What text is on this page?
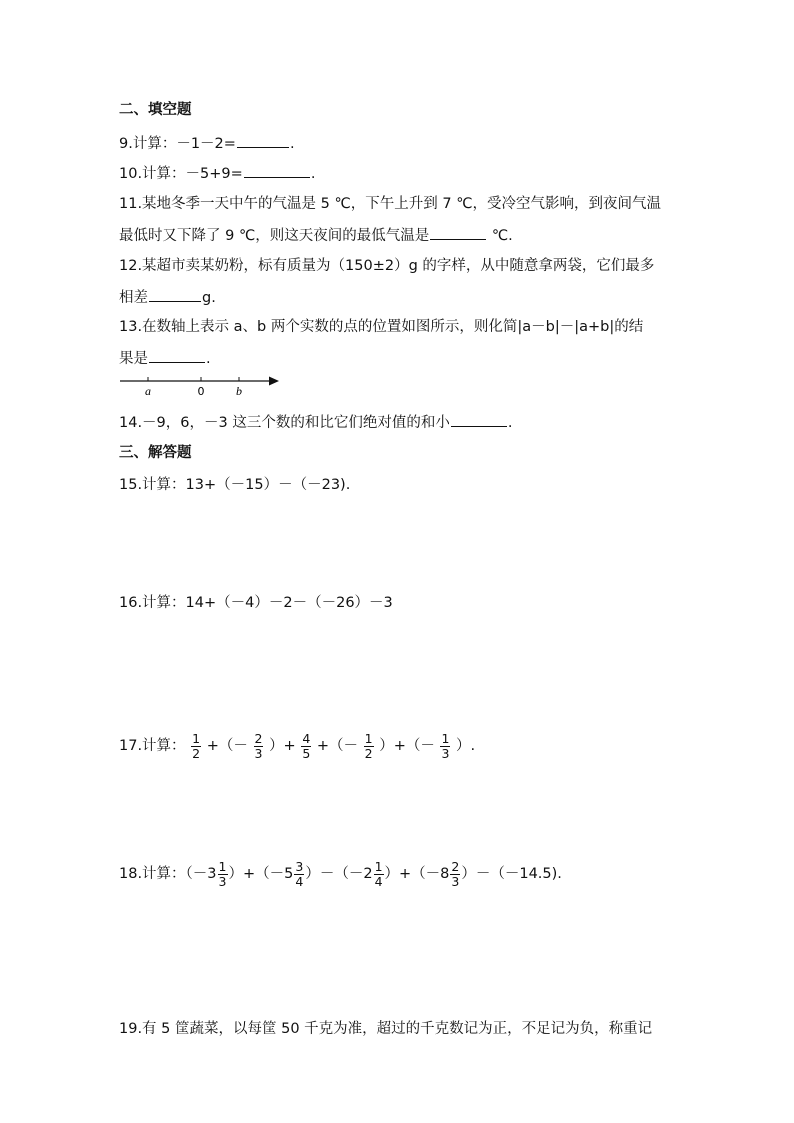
二、填空题
9.计算：－1－2=	.
10.计算：－5+9=	.
11.某地冬季一天中午的气温是 5 ℃，下午上升到 7 ℃，受冷空气影响，到夜间气温
最低时又下降了 9 ℃，则这天夜间的最低气温是	℃.
12.某超市卖某奶粉，标有质量为（150±2）g 的字样，从中随意拿两袋，它们最多
相差	g.
13.在数轴上表示 a、b 两个实数的点的位置如图所示，则化简|a－b|－|a+b|的结
果是	.
a	0	b
14.－9，6，－3 这三个数的和比它们绝对值的和小	.
三、解答题
15.计算：13+（－15）－（－23).
16.计算：14+（－4）－2－（－26）－3
17.计算： $\frac{1}{2}$ +（－ $\frac{2}{3}$ ）+ $\frac{4}{5}$ +（－ $\frac{1}{2}$ ）+（－ $\frac{1}{3}$ ）.
18.计算：$(-3 \frac{1}{3} )+(-5 \frac{3}{4} )-(-2 \frac{1}{4} )+(-8 \frac{2}{3} )-(-14.5)$.
19.有 5 筐蔬菜，以每筐 50 千克为准，超过的千克数记为正，不足记为负，称重记
